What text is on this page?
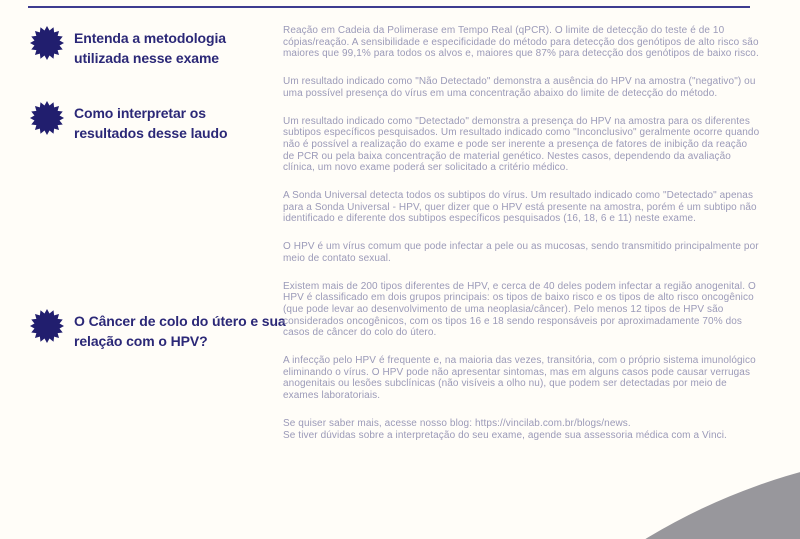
Entenda a metodologia utilizada nesse exame
Como interpretar os resultados desse laudo
O Câncer de colo do útero e sua relação com o HPV?

Reação em Cadeia da Polimerase em Tempo Real (qPCR). O limite de detecção do teste é de 10 cópias/reação. A sensibilidade e especificidade do método para detecção dos genótipos de alto risco são maiores que 99,1% para todos os alvos e, maiores que 87% para detecção dos genótipos de baixo risco.

Um resultado indicado como "Não Detectado" demonstra a ausência do HPV na amostra ("negativo") ou uma possível presença do vírus em uma concentração abaixo do limite de detecção do método.

Um resultado indicado como "Detectado" demonstra a presença do HPV na amostra para os diferentes subtipos específicos pesquisados. Um resultado indicado como "Inconclusivo" geralmente ocorre quando não é possível a realização do exame e pode ser inerente a presença de fatores de inibição da reação de PCR ou pela baixa concentração de material genético. Nestes casos, dependendo da avaliação clínica, um novo exame poderá ser solicitado a critério médico.

A Sonda Universal detecta todos os subtipos do vírus. Um resultado indicado como "Detectado" apenas para a Sonda Universal - HPV, quer dizer que o HPV está presente na amostra, porém é um subtipo não identificado e diferente dos subtipos específicos pesquisados (16, 18, 6 e 11) neste exame.

O HPV é um vírus comum que pode infectar a pele ou as mucosas, sendo transmitido principalmente por meio de contato sexual.

Existem mais de 200 tipos diferentes de HPV, e cerca de 40 deles podem infectar a região anogenital. O HPV é classificado em dois grupos principais: os tipos de baixo risco e os tipos de alto risco oncogênico (que pode levar ao desenvolvimento de uma neoplasia/câncer). Pelo menos 12 tipos de HPV são considerados oncogênicos, com os tipos 16 e 18 sendo responsáveis por aproximadamente 70% dos casos de câncer do colo do útero.

A infecção pelo HPV é frequente e, na maioria das vezes, transitória, com o próprio sistema imunológico eliminando o vírus. O HPV pode não apresentar sintomas, mas em alguns casos pode causar verrugas anogenitais ou lesões subclínicas (não visíveis a olho nu), que podem ser detectadas por meio de exames laboratoriais.

Se quiser saber mais, acesse nosso blog: https://vincilab.com.br/blogs/news.
Se tiver dúvidas sobre a interpretação do seu exame, agende sua assessoria médica com a Vinci.
